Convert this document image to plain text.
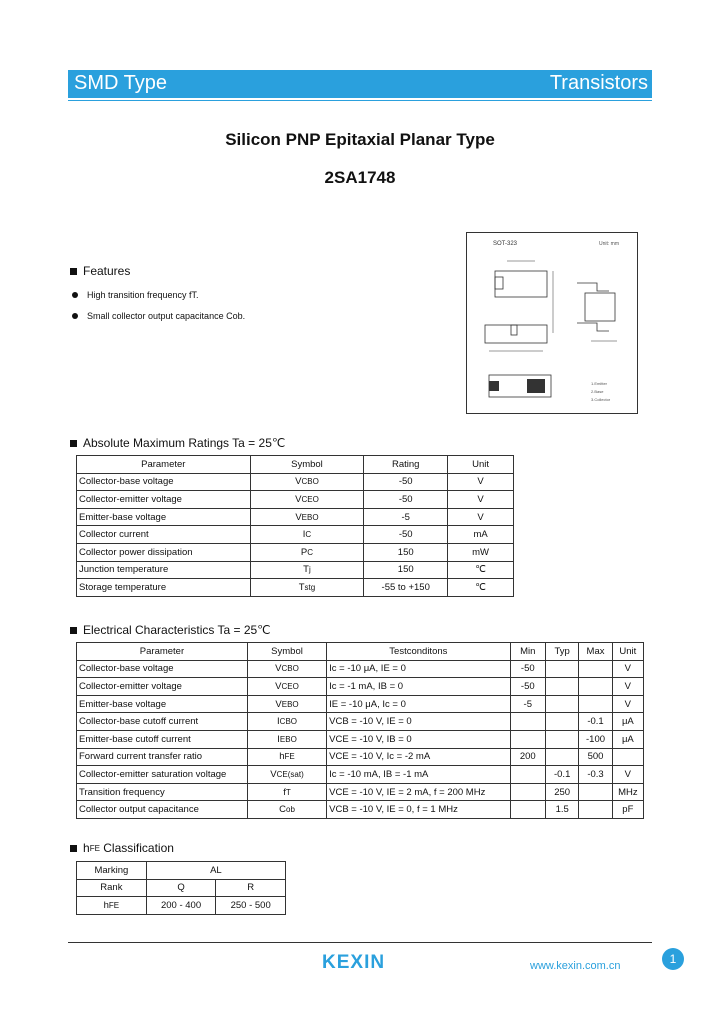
SMD Type	Transistors
Silicon PNP Epitaxial Planar Type
2SA1748
Features
High transition frequency fT.
Small collector output capacitance Cob.
SOT-323	Unit: mm
1.Emitter
2.Base
3.Collector
Absolute Maximum Ratings Ta = 25℃
Parameter	Symbol	Rating	Unit
Collector-base voltage	VCBO	-50	V
Collector-emitter voltage	VCEO	-50	V
Emitter-base voltage	VEBO	-5	V
Collector current	IC	-50	mA
Collector power dissipation	PC	150	mW
Junction temperature	Tj	150	℃
Storage temperature	Tstg	-55 to +150	℃
Electrical Characteristics Ta = 25℃
Parameter	Symbol	Testconditons	Min	Typ	Max	Unit
Collector-base voltage	VCBO	Ic = -10 μA, IE = 0	-50			V
Collector-emitter voltage	VCEO	Ic = -1 mA, IB = 0	-50			V
Emitter-base voltage	VEBO	IE = -10 μA, Ic = 0	-5			V
Collector-base cutoff current	ICBO	VCB = -10 V, IE = 0			-0.1	μA
Emitter-base cutoff current	IEBO	VCE = -10 V, IB = 0			-100	μA
Forward current transfer ratio	hFE	VCE = -10 V, Ic = -2 mA	200		500	
Collector-emitter saturation voltage	VCE(sat)	Ic = -10 mA, IB = -1 mA		-0.1	-0.3	V
Transition frequency	fT	VCE = -10 V, IE = 2 mA, f = 200 MHz		250		MHz
Collector output capacitance	Cob	VCB = -10 V, IE = 0, f = 1 MHz		1.5		pF
h FE Classification
Marking	AL	
Rank	Q	R
hFE	200 - 400	250 - 500
1
KEXIN	www.kexin.com.cn
